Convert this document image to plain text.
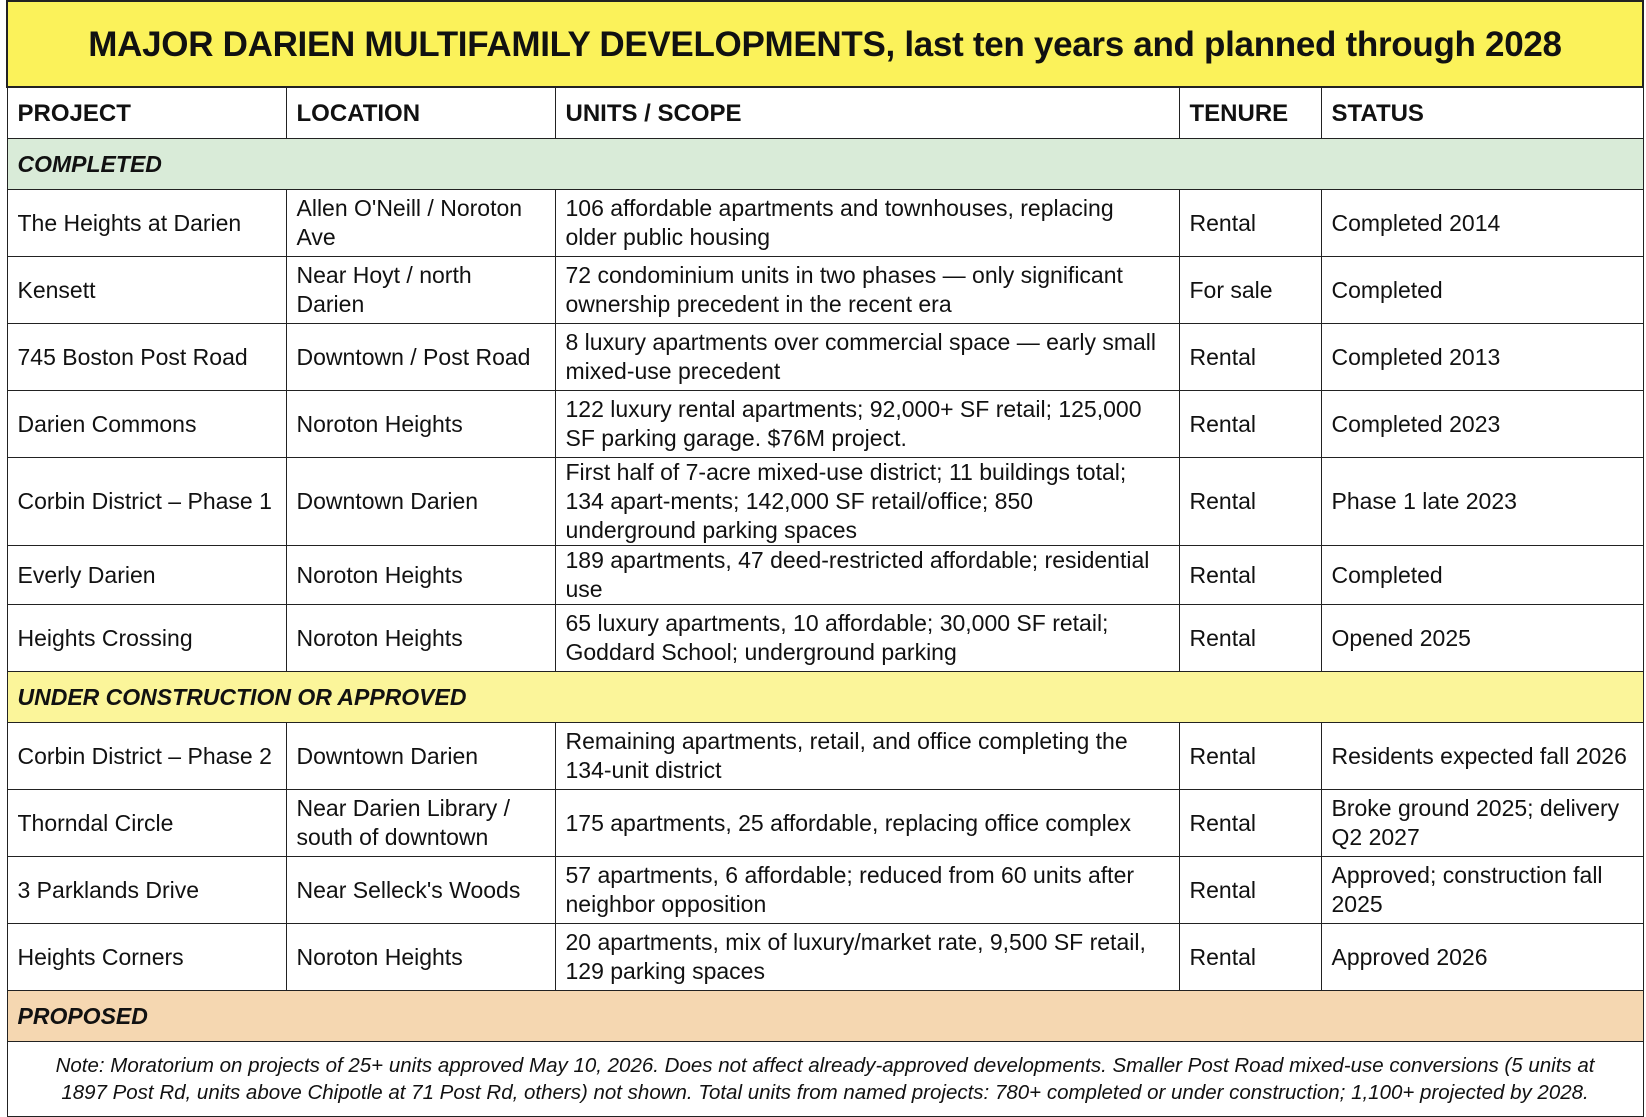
MAJOR DARIEN MULTIFAMILY DEVELOPMENTS, last ten years and planned through 2028				
PROJECT	LOCATION	UNITS / SCOPE	TENURE	STATUS
COMPLETED				
The Heights at Darien	Allen O'Neill / Noroton Ave	106 affordable apartments and townhouses, replacing older public housing	Rental	Completed 2014
Kensett	Near Hoyt / north Darien	72 condominium units in two phases — only significant ownership precedent in the recent era	For sale	Completed
745 Boston Post Road	Downtown / Post Road	8 luxury apartments over commercial space — early small mixed-use precedent	Rental	Completed 2013
Darien Commons	Noroton Heights	122 luxury rental apartments; 92,000+ SF retail; 125,000 SF parking garage. $76M project.	Rental	Completed 2023
Corbin District – Phase 1	Downtown Darien	First half of 7-acre mixed-use district; 11 buildings total; 134 apart-ments; 142,000 SF retail/office; 850 underground parking spaces	Rental	Phase 1 late 2023
Everly Darien	Noroton Heights	189 apartments, 47 deed-restricted affordable; residential use	Rental	Completed
Heights Crossing	Noroton Heights	65 luxury apartments, 10 affordable; 30,000 SF retail; Goddard School; underground parking	Rental	Opened 2025
UNDER CONSTRUCTION OR APPROVED				
Corbin District – Phase 2	Downtown Darien	Remaining apartments, retail, and office completing the 134-unit district	Rental	Residents expected fall 2026
Thorndal Circle	Near Darien Library / south of downtown	175 apartments, 25 affordable, replacing office complex	Rental	Broke ground 2025; delivery Q2 2027
3 Parklands Drive	Near Selleck's Woods	57 apartments, 6 affordable; reduced from 60 units after neighbor opposition	Rental	Approved; construction fall 2025
Heights Corners	Noroton Heights	20 apartments, mix of luxury/market rate, 9,500 SF retail, 129 parking spaces	Rental	Approved 2026
PROPOSED				
Note: Moratorium on projects of 25+ units approved May 10, 2026. Does not affect already-approved developments. Smaller Post Road mixed-use conversions (5 units at 1897 Post Rd, units above Chipotle at 71 Post Rd, others) not shown. Total units from named projects: 780+ completed or under construction; 1,100+ projected by 2028.				
